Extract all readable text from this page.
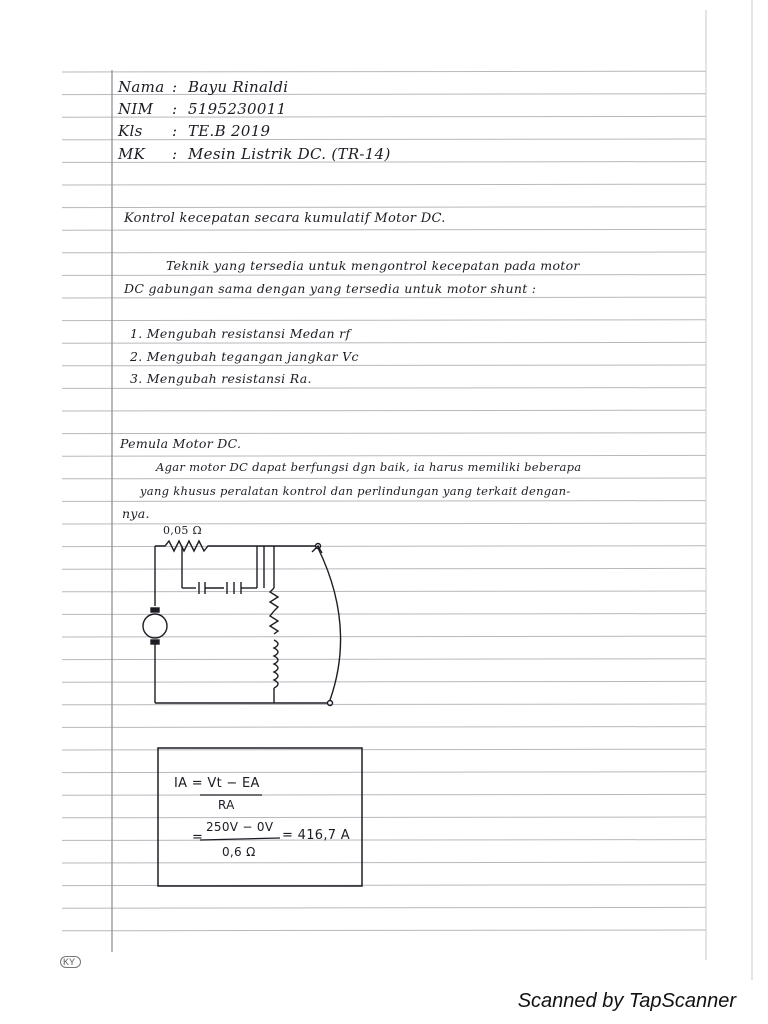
Nama : Bayu Rinaldi
NIM : 5195230011
Kls : TE.B 2019
MK : Mesin Listrik DC. (TR-14)
Kontrol kecepatan secara kumulatif Motor DC.
Teknik yang tersedia untuk mengontrol kecepatan pada motor
DC gabungan sama dengan yang tersedia untuk motor shunt :
1. Mengubah resistansi Medan rf
2. Mengubah tegangan jangkar Vc
3. Mengubah resistansi Ra.
Pemula Motor DC.
Agar motor DC dapat berfungsi dgn baik, ia harus memiliki beberapa
yang khusus peralatan kontrol dan perlindungan yang terkait dengan-
nya.
0,05 Ω
IA = Vt − EA
RA
=
250V − 0V
0,6 Ω
= 416,7 A
KY
Scanned by TapScanner
